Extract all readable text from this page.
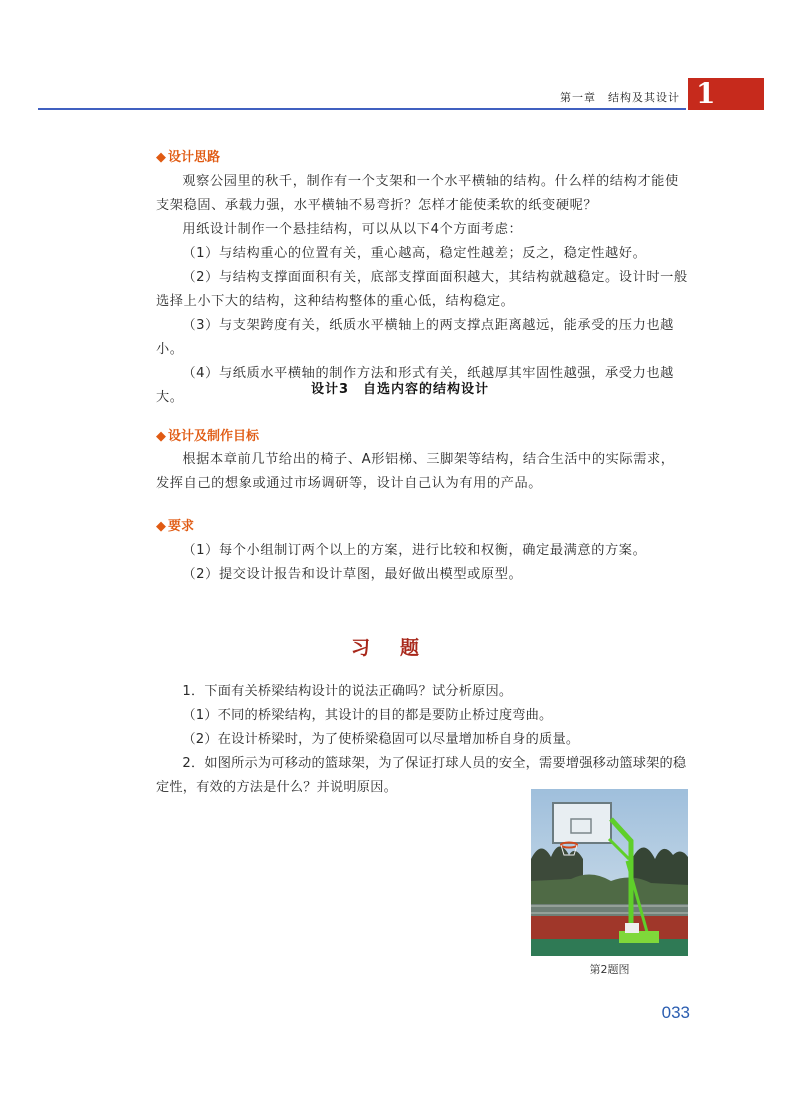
第一章　结构及其设计 1
◆ 设计思路

观察公园里的秋千，制作有一个支架和一个水平横轴的结构。什么样的结构才能使支架稳固、承载力强，水平横轴不易弯折？怎样才能使柔软的纸变硬呢？

用纸设计制作一个悬挂结构，可以从以下4个方面考虑：

（1）与结构重心的位置有关，重心越高，稳定性越差；反之，稳定性越好。

（2）与结构支撑面面积有关，底部支撑面面积越大，其结构就越稳定。设计时一般选择上小下大的结构，这种结构整体的重心低，结构稳定。

（3）与支架跨度有关，纸质水平横轴上的两支撑点距离越远，能承受的压力也越小。

（4）与纸质水平横轴的制作方法和形式有关，纸越厚其牢固性越强，承受力也越大。

设计3　自选内容的结构设计
◆ 设计及制作目标

根据本章前几节给出的椅子、A形铝梯、三脚架等结构，结合生活中的实际需求，发挥自己的想象或通过市场调研等，设计自己认为有用的产品。

◆ 要求

（1）每个小组制订两个以上的方案，进行比较和权衡，确定最满意的方案。

（2）提交设计报告和设计草图，最好做出模型或原型。

习题

1．下面有关桥梁结构设计的说法正确吗？试分析原因。

（1）不同的桥梁结构，其设计的目的都是要防止桥过度弯曲。

（2）在设计桥梁时，为了使桥梁稳固可以尽量增加桥自身的质量。

2．如图所示为可移动的篮球架，为了保证打球人员的安全，需要增强移动篮球架的稳定性，有效的方法是什么？并说明原因。

第2题图
033
